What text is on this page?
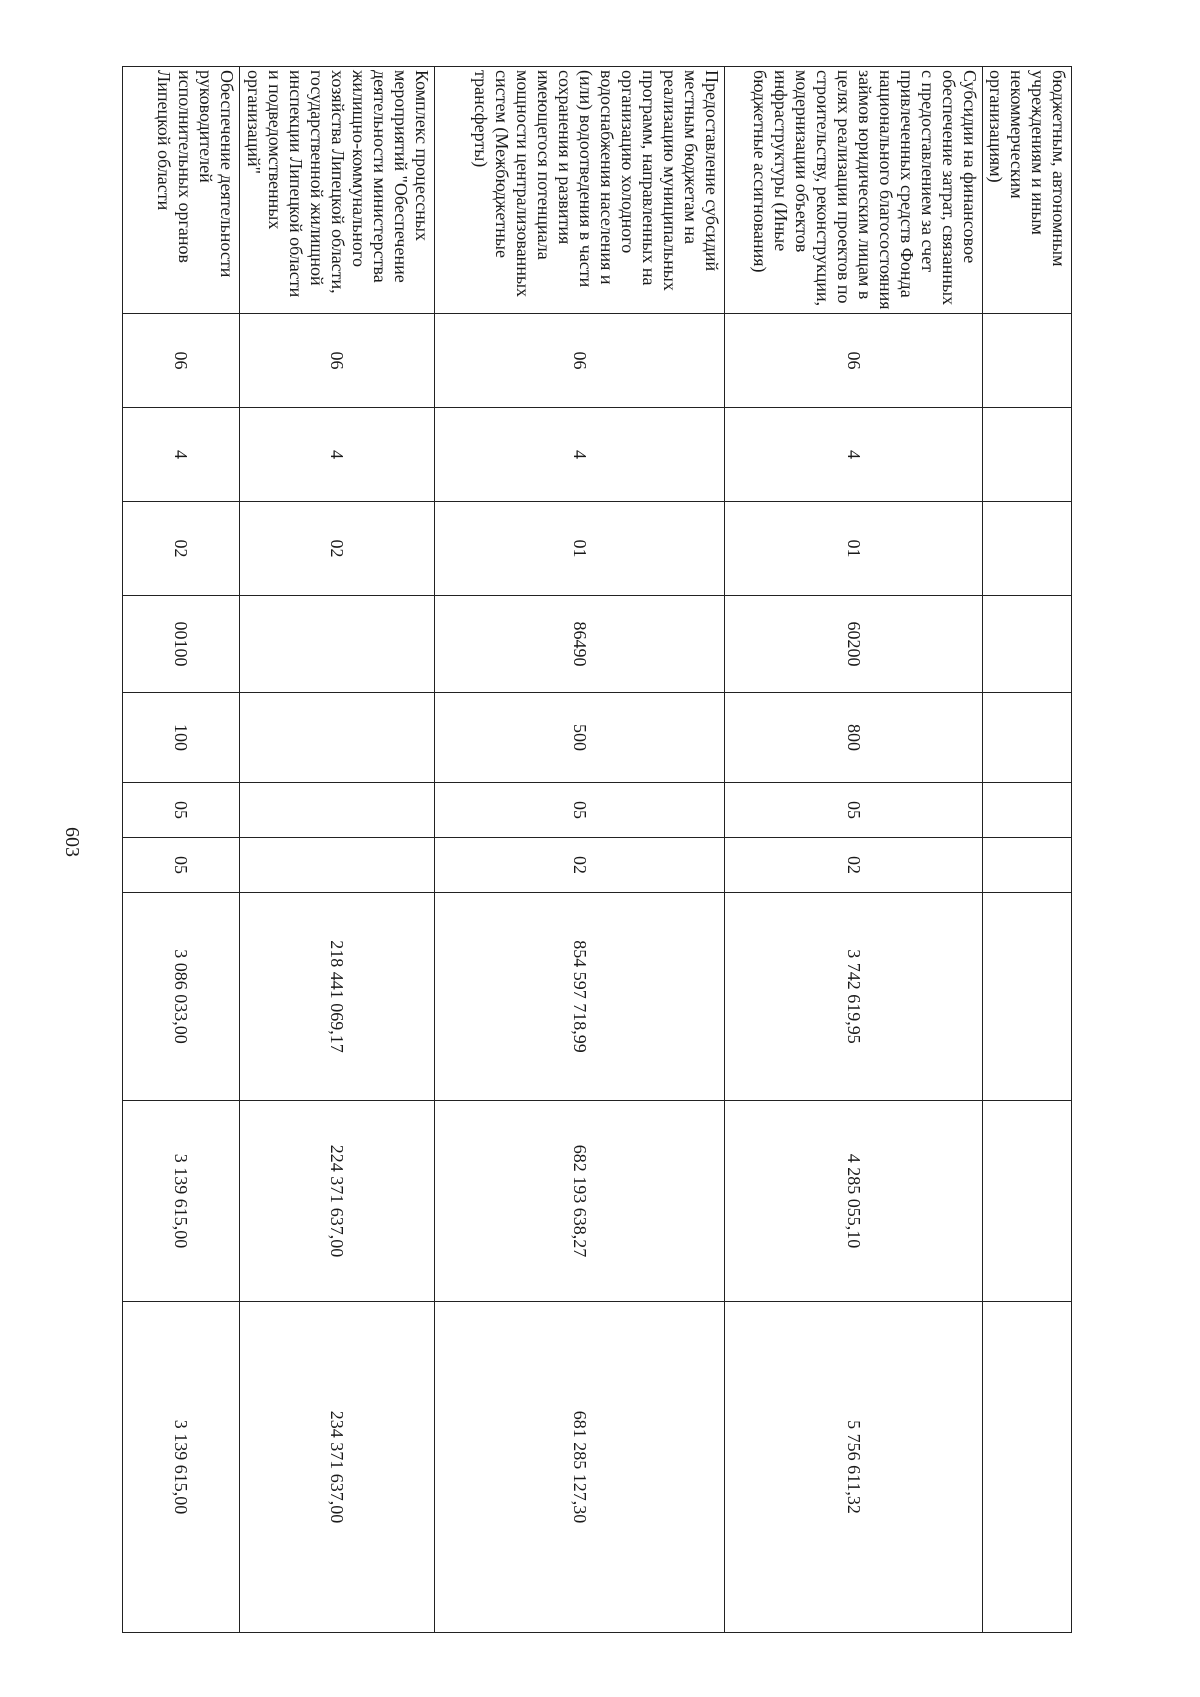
603
бюджетным, автономным учреждениям и иным некоммерческим организациям)										
Субсидии на финансовое обеспечение затрат, связанных с предоставлением за счет привлеченных средств Фонда национального благосостояния займов юридическим лицам в целях реализации проектов по строительству, реконструкции, модернизации объектов инфраструктуры (Иные бюджетные ассигнования)	06	4	01	60200	800	05	02	3 742 619,95	4 285 055,10	5 756 611,32
Предоставление субсидий местным бюджетам на реализацию муниципальных программ, направленных на организацию холодного водоснабжения населения и (или) водоотведения в части сохранения и развития имеющегося потенциала мощности централизованных систем (Межбюджетные трансферты)	06	4	01	86490	500	05	02	854 597 718,99	682 193 638,27	681 285 127,30
Комплекс процессных мероприятий "Обеспечение деятельности министерства жилищно-коммунального хозяйства Липецкой области, государственной жилищной инспекции Липецкой области и подведомственных организаций"	06	4	02					218 441 069,17	224 371 637,00	234 371 637,00
Обеспечение деятельности руководителей исполнительных органов Липецкой области	06	4	02	00100	100	05	05	3 086 033,00	3 139 615,00	3 139 615,00
